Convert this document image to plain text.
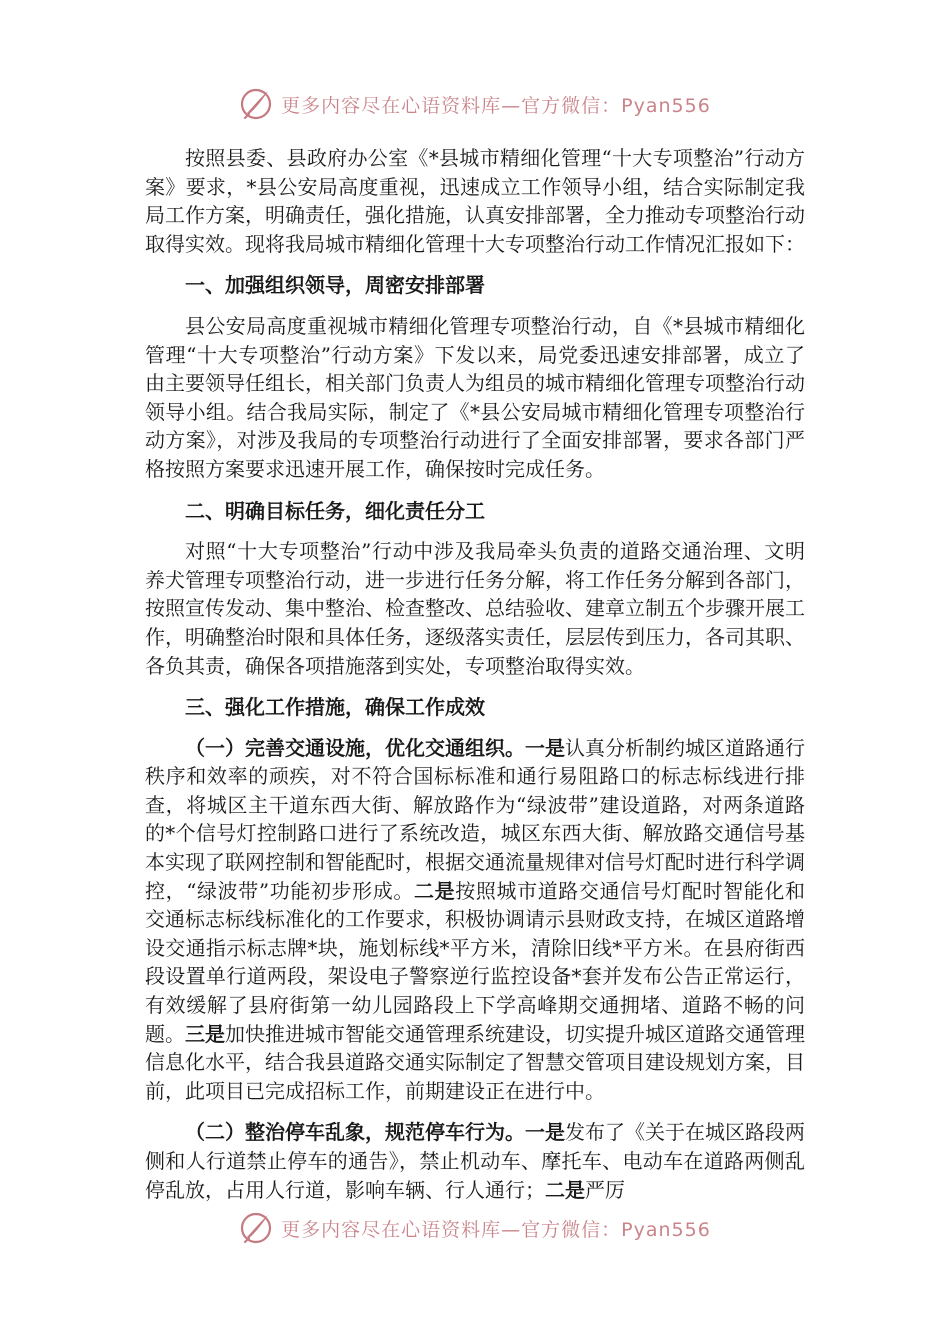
更多内容尽在心语资料库—官方微信：Pyan556

按照县委、县政府办公室《*县城市精细化管理“十大专项整治”行动方案》要求，*县公安局高度重视，迅速成立工作领导小组，结合实际制定我局工作方案，明确责任，强化措施，认真安排部署，全力推动专项整治行动取得实效。现将我局城市精细化管理十大专项整治行动工作情况汇报如下：

一、加强组织领导，周密安排部署

县公安局高度重视城市精细化管理专项整治行动，自《*县城市精细化管理“十大专项整治”行动方案》下发以来，局党委迅速安排部署，成立了由主要领导任组长，相关部门负责人为组员的城市精细化管理专项整治行动领导小组。结合我局实际，制定了《*县公安局城市精细化管理专项整治行动方案》，对涉及我局的专项整治行动进行了全面安排部署，要求各部门严格按照方案要求迅速开展工作，确保按时完成任务。

二、明确目标任务，细化责任分工

对照“十大专项整治”行动中涉及我局牵头负责的道路交通治理、文明养犬管理专项整治行动，进一步进行任务分解，将工作任务分解到各部门，按照宣传发动、集中整治、检查整改、总结验收、建章立制五个步骤开展工作，明确整治时限和具体任务，逐级落实责任，层层传到压力，各司其职、各负其责，确保各项措施落到实处，专项整治取得实效。

三、强化工作措施，确保工作成效

（一）完善交通设施，优化交通组织。一是认真分析制约城区道路通行秩序和效率的顽疾，对不符合国标标准和通行易阻路口的标志标线进行排查，将城区主干道东西大街、解放路作为“绿波带”建设道路，对两条道路的*个信号灯控制路口进行了系统改造，城区东西大街、解放路交通信号基本实现了联网控制和智能配时，根据交通流量规律对信号灯配时进行科学调控，“绿波带”功能初步形成。二是按照城市道路交通信号灯配时智能化和交通标志标线标准化的工作要求，积极协调请示县财政支持，在城区道路增设交通指示标志牌*块，施划标线*平方米，清除旧线*平方米。在县府街西段设置单行道两段，架设电子警察逆行监控设备*套并发布公告正常运行，有效缓解了县府街第一幼儿园路段上下学高峰期交通拥堵、道路不畅的问题。三是加快推进城市智能交通管理系统建设，切实提升城区道路交通管理信息化水平，结合我县道路交通实际制定了智慧交管项目建设规划方案，目前，此项目已完成招标工作，前期建设正在进行中。

（二）整治停车乱象，规范停车行为。一是发布了《关于在城区路段两侧和人行道禁止停车的通告》，禁止机动车、摩托车、电动车在道路两侧乱停乱放，占用人行道，影响车辆、行人通行；二是严厉

更多内容尽在心语资料库—官方微信：Pyan556
